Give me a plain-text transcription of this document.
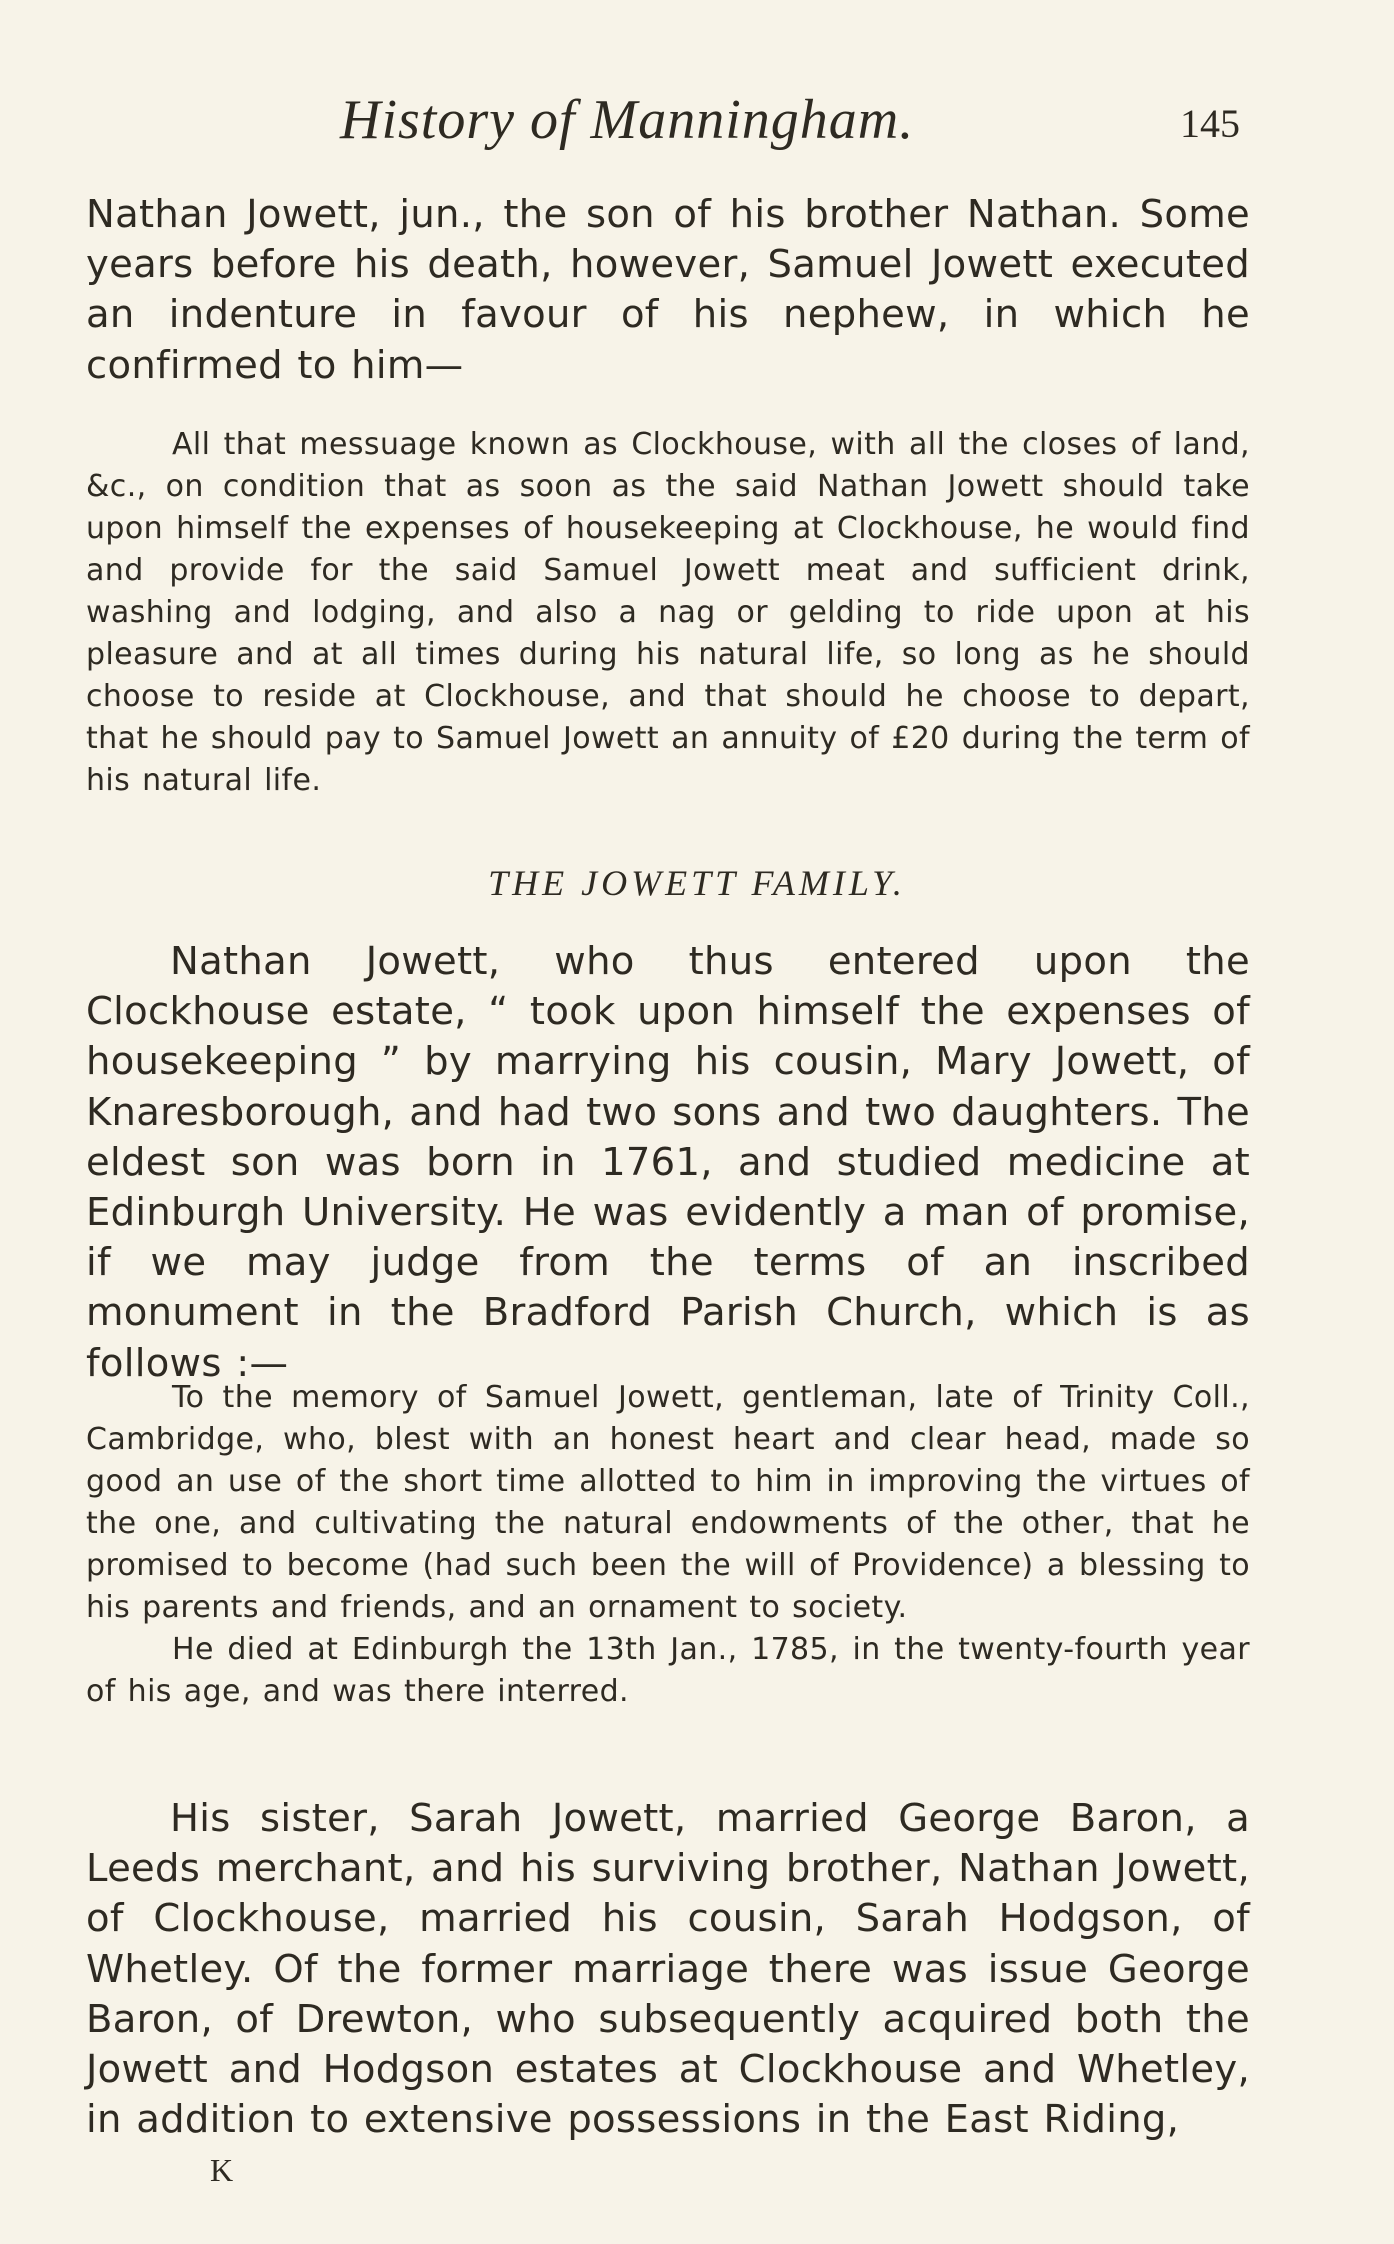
History of Manningham.	145

Nathan Jowett, jun., the son of his brother Nathan. Some years before his death, however, Samuel Jowett executed an indenture in favour of his nephew, in which he confirmed to him—

All that messuage known as Clockhouse, with all the closes of land, &c., on condition that as soon as the said Nathan Jowett should take upon himself the expenses of housekeeping at Clockhouse, he would find and provide for the said Samuel Jowett meat and sufficient drink, washing and lodging, and also a nag or gelding to ride upon at his pleasure and at all times during his natural life, so long as he should choose to reside at Clockhouse, and that should he choose to depart, that he should pay to Samuel Jowett an annuity of £20 during the term of his natural life.

THE JOWETT FAMILY.

Nathan Jowett, who thus entered upon the Clockhouse estate, “ took upon himself the expenses of housekeeping ” by marrying his cousin, Mary Jowett, of Knaresborough, and had two sons and two daughters. The eldest son was born in 1761, and studied medicine at Edinburgh University. He was evidently a man of promise, if we may judge from the terms of an inscribed monument in the Bradford Parish Church, which is as follows :—

To the memory of Samuel Jowett, gentleman, late of Trinity Coll., Cambridge, who, blest with an honest heart and clear head, made so good an use of the short time allotted to him in improving the virtues of the one, and cultivating the natural endowments of the other, that he promised to become (had such been the will of Providence) a blessing to his parents and friends, and an ornament to society.

He died at Edinburgh the 13th Jan., 1785, in the twenty-fourth year of his age, and was there interred.

His sister, Sarah Jowett, married George Baron, a Leeds merchant, and his surviving brother, Nathan Jowett, of Clockhouse, married his cousin, Sarah Hodgson, of Whetley. Of the former marriage there was issue George Baron, of Drewton, who subsequently acquired both the Jowett and Hodgson estates at Clockhouse and Whetley, in addition to extensive possessions in the East Riding,

K
